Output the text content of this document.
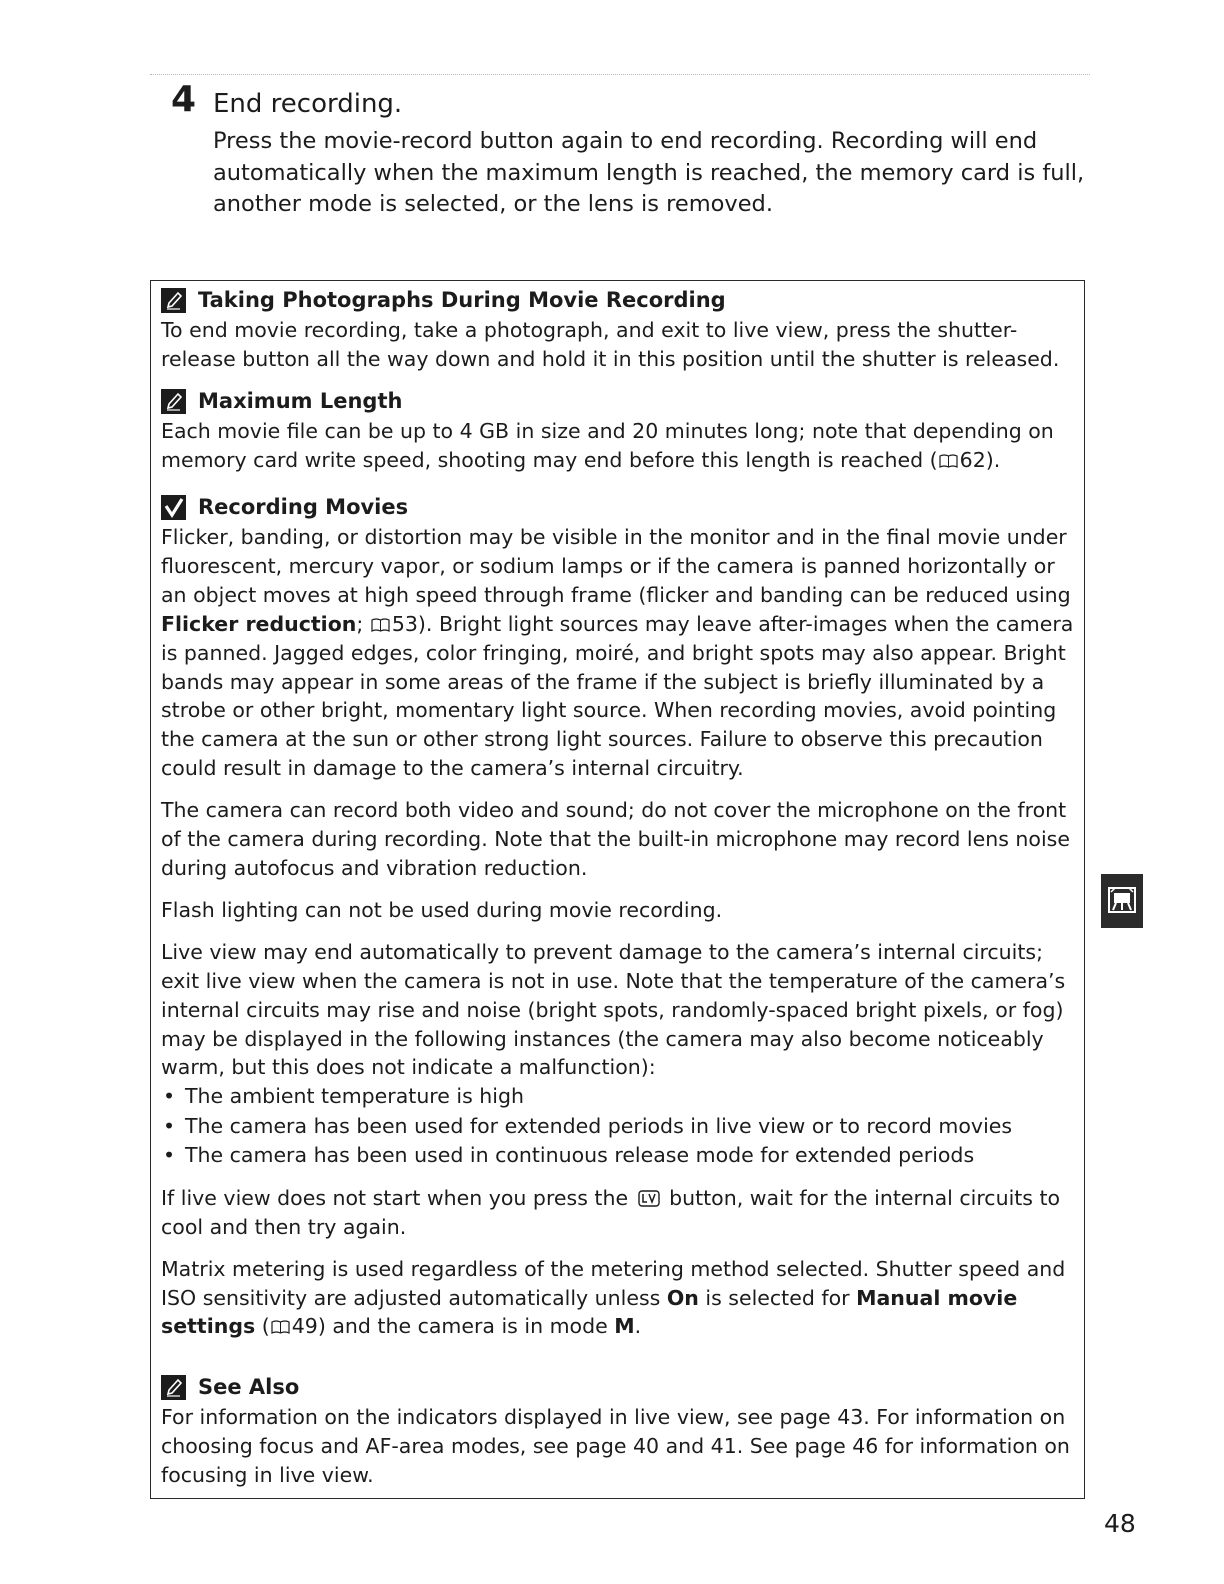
4 End recording.

Press the movie-record button again to end recording. Recording will end automatically when the maximum length is reached, the memory card is full, another mode is selected, or the lens is removed.

Taking Photographs During Movie Recording

To end movie recording, take a photograph, and exit to live view, press the shutter-release button all the way down and hold it in this position until the shutter is released.

Maximum Length

Each movie file can be up to 4 GB in size and 20 minutes long; note that depending on memory card write speed, shooting may end before this length is reached ( 62).

Recording Movies

Flicker, banding, or distortion may be visible in the monitor and in the final movie under fluorescent, mercury vapor, or sodium lamps or if the camera is panned horizontally or an object moves at high speed through frame (flicker and banding can be reduced using Flicker reduction; 53). Bright light sources may leave after-images when the camera is panned. Jagged edges, color fringing, moiré, and bright spots may also appear. Bright bands may appear in some areas of the frame if the subject is briefly illuminated by a strobe or other bright, momentary light source. When recording movies, avoid pointing the camera at the sun or other strong light sources. Failure to observe this precaution could result in damage to the camera’s internal circuitry.

The camera can record both video and sound; do not cover the microphone on the front of the camera during recording. Note that the built-in microphone may record lens noise during autofocus and vibration reduction.

Flash lighting can not be used during movie recording.

Live view may end automatically to prevent damage to the camera’s internal circuits; exit live view when the camera is not in use. Note that the temperature of the camera’s internal circuits may rise and noise (bright spots, randomly-spaced bright pixels, or fog) may be displayed in the following instances (the camera may also become noticeably warm, but this does not indicate a malfunction):

• The ambient temperature is high
• The camera has been used for extended periods in live view or to record movies
• The camera has been used in continuous release mode for extended periods

If live view does not start when you press the  button, wait for the internal circuits to cool and then try again.

Matrix metering is used regardless of the metering method selected. Shutter speed and ISO sensitivity are adjusted automatically unless On is selected for Manual movie settings ( 49) and the camera is in mode M.

See Also

For information on the indicators displayed in live view, see page 43. For information on choosing focus and AF-area modes, see page 40 and 41. See page 46 for information on focusing in live view.

48
